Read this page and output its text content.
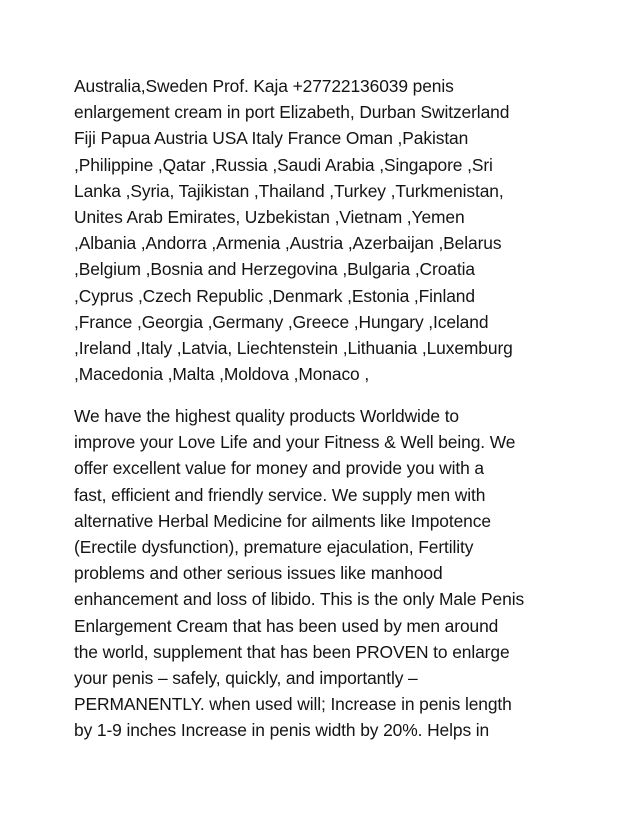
Australia,Sweden Prof. Kaja +27722136039 penis
enlargement cream in port Elizabeth, Durban Switzerland
Fiji Papua Austria USA Italy France Oman ,Pakistan
,Philippine ,Qatar ,Russia ,Saudi Arabia ,Singapore ,Sri
Lanka ,Syria, Tajikistan ,Thailand ,Turkey ,Turkmenistan,
Unites Arab Emirates, Uzbekistan ,Vietnam ,Yemen
,Albania ,Andorra ,Armenia ,Austria ,Azerbaijan ,Belarus
,Belgium ,Bosnia and Herzegovina ,Bulgaria ,Croatia
,Cyprus ,Czech Republic ,Denmark ,Estonia ,Finland
,France ,Georgia ,Germany ,Greece ,Hungary ,Iceland
,Ireland ,Italy ,Latvia, Liechtenstein ,Lithuania ,Luxemburg
,Macedonia ,Malta ,Moldova ,Monaco ,
We have the highest quality products Worldwide to
improve your Love Life and your Fitness & Well being. We
offer excellent value for money and provide you with a
fast, efficient and friendly service. We supply men with
alternative Herbal Medicine for ailments like Impotence
(Erectile dysfunction), premature ejaculation, Fertility
problems and other serious issues like manhood
enhancement and loss of libido. This is the only Male Penis
Enlargement Cream that has been used by men around
the world, supplement that has been PROVEN to enlarge
your penis – safely, quickly, and importantly –
PERMANENTLY. when used will; Increase in penis length
by 1-9 inches Increase in penis width by 20%. Helps in
